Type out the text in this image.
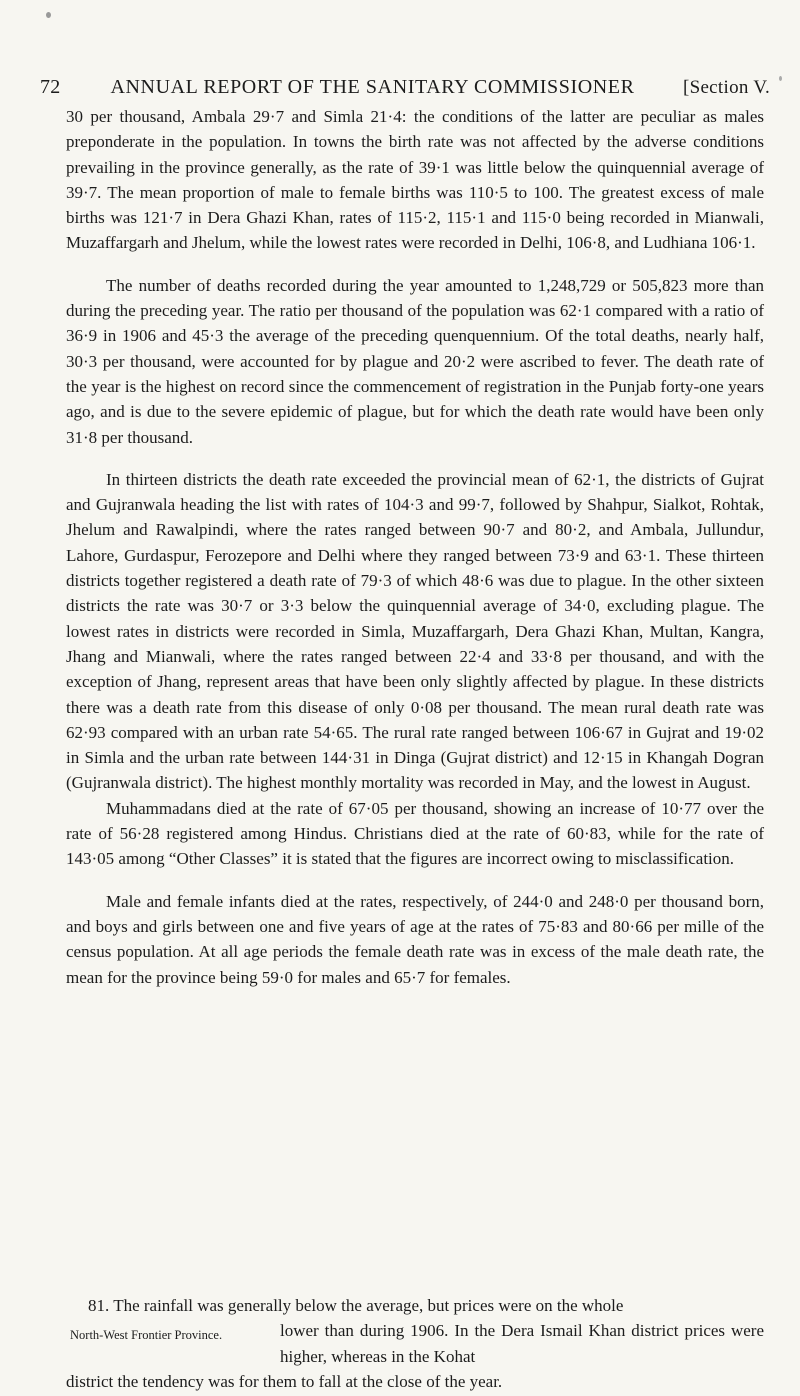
72	ANNUAL REPORT OF THE SANITARY COMMISSIONER	[Section V.

30 per thousand, Ambala 29·7 and Simla 21·4: the conditions of the latter are peculiar as males preponderate in the population. In towns the birth rate was not affected by the adverse conditions prevailing in the province generally, as the rate of 39·1 was little below the quinquennial average of 39·7. The mean proportion of male to female births was 110·5 to 100. The greatest excess of male births was 121·7 in Dera Ghazi Khan, rates of 115·2, 115·1 and 115·0 being recorded in Mianwali, Muzaffargarh and Jhelum, while the lowest rates were recorded in Delhi, 106·8, and Ludhiana 106·1.

The number of deaths recorded during the year amounted to 1,248,729 or 505,823 more than during the preceding year. The ratio per thousand of the population was 62·1 compared with a ratio of 36·9 in 1906 and 45·3 the average of the preceding quenquennium. Of the total deaths, nearly half, 30·3 per thousand, were accounted for by plague and 20·2 were ascribed to fever. The death rate of the year is the highest on record since the commencement of registration in the Punjab forty-one years ago, and is due to the severe epidemic of plague, but for which the death rate would have been only 31·8 per thousand.

In thirteen districts the death rate exceeded the provincial mean of 62·1, the districts of Gujrat and Gujranwala heading the list with rates of 104·3 and 99·7, followed by Shahpur, Sialkot, Rohtak, Jhelum and Rawalpindi, where the rates ranged between 90·7 and 80·2, and Ambala, Jullundur, Lahore, Gurdaspur, Ferozepore and Delhi where they ranged between 73·9 and 63·1. These thirteen districts together registered a death rate of 79·3 of which 48·6 was due to plague. In the other sixteen districts the rate was 30·7 or 3·3 below the quinquennial average of 34·0, excluding plague. The lowest rates in districts were recorded in Simla, Muzaffargarh, Dera Ghazi Khan, Multan, Kangra, Jhang and Mianwali, where the rates ranged between 22·4 and 33·8 per thousand, and with the exception of Jhang, represent areas that have been only slightly affected by plague. In these districts there was a death rate from this disease of only 0·08 per thousand. The mean rural death rate was 62·93 compared with an urban rate 54·65. The rural rate ranged between 106·67 in Gujrat and 19·02 in Simla and the urban rate between 144·31 in Dinga (Gujrat district) and 12·15 in Khangah Dogran (Gujranwala district). The highest monthly mortality was recorded in May, and the lowest in August.

Muhammadans died at the rate of 67·05 per thousand, showing an increase of 10·77 over the rate of 56·28 registered among Hindus. Christians died at the rate of 60·83, while for the rate of 143·05 among “Other Classes” it is stated that the figures are incorrect owing to misclassification.

Male and female infants died at the rates, respectively, of 244·0 and 248·0 per thousand born, and boys and girls between one and five years of age at the rates of 75·83 and 80·66 per mille of the census population. At all age periods the female death rate was in excess of the male death rate, the mean for the province being 59·0 for males and 65·7 for females.

81. The rainfall was generally below the average, but prices were on the whole
North-West Frontier Province.	lower than during 1906. In the Dera Ismail Khan district prices were higher, whereas in the Kohat
district the tendency was for them to fall at the close of the year.
